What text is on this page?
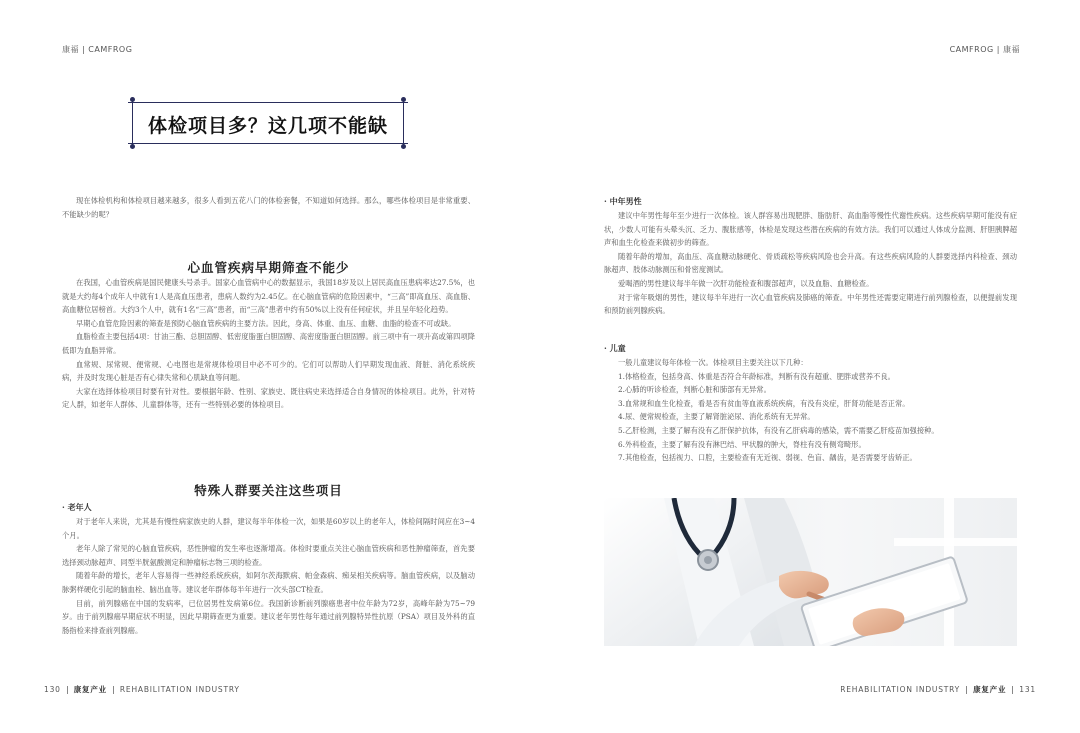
康福 | CAMFROG	CAMFROG | 康福
体检项目多？这几项不能缺
现在体检机构和体检项目越来越多，很多人看到五花八门的体检套餐，不知道如何选择。那么，哪些体检项目是非常重要、不能缺少的呢？
心血管疾病早期筛查不能少

在我国，心血管疾病是国民健康头号杀手。国家心血管病中心的数据显示，我国18岁及以上居民高血压患病率达27.5%，也就是大约每4个成年人中就有1人是高血压患者，患病人数约为2.45亿。在心脑血管病的危险因素中，“三高”即高血压、高血脂、高血糖位居榜首。大约3个人中，就有1名“三高”患者，而“三高”患者中约有50%以上没有任何症状，并且呈年轻化趋势。

早期心血管危险因素的筛查是预防心脑血管疾病的主要方法。因此，身高、体重、血压、血糖、血脂的检查不可或缺。

血脂检查主要包括4项：甘油三酯、总胆固醇、低密度脂蛋白胆固醇、高密度脂蛋白胆固醇。前三项中有一项升高或第四项降低即为血脂异常。

血常规、尿常规、便常规、心电图也是常规体检项目中必不可少的。它们可以帮助人们早期发现血液、肾脏、消化系统疾病，并及时发现心脏是否有心律失常和心肌缺血等问题。

大家在选择体检项目时要有针对性。要根据年龄、性别、家族史、既往病史来选择适合自身情况的体检项目。此外，针对特定人群，如老年人群体、儿童群体等，还有一些特别必要的体检项目。

特殊人群要关注这些项目
· 老年人

对于老年人来说，尤其是有慢性病家族史的人群，建议每半年体检一次，如果是60岁以上的老年人，体检间隔时间应在3~4个月。

老年人除了常见的心脑血管疾病，恶性肿瘤的发生率也逐渐增高。体检时要重点关注心脑血管疾病和恶性肿瘤筛查，首先要选择颈动脉超声、同型半胱氨酸测定和肿瘤标志物三项的检查。

随着年龄的增长，老年人容易得一些神经系统疾病，如阿尔茨海默病、帕金森病、痴呆相关疾病等。脑血管疾病，以及脑动脉粥样硬化引起的脑血栓、脑出血等。建议老年群体每半年进行一次头部CT检查。

目前，前列腺癌在中国的发病率，已位居男性发病第6位。我国新诊断前列腺癌患者中位年龄为72岁，高峰年龄为75~79岁。由于前列腺癌早期症状不明显，因此早期筛查更为重要。建议老年男性每年通过前列腺特异性抗原（PSA）项目及外科的直肠指检来排查前列腺癌。

· 中年男性

建议中年男性每年至少进行一次体检。该人群容易出现肥胖、脂肪肝、高血脂等慢性代谢性疾病。这些疾病早期可能没有症状，少数人可能有头晕头沉、乏力、腹胀感等，体检是发现这些潜在疾病的有效方法。我们可以通过人体成分监测、肝胆胰脾超声和血生化检查来做初步的筛查。

随着年龄的增加，高血压、高血糖动脉硬化、骨质疏松等疾病风险也会升高。有这些疾病风险的人群要选择内科检查、颈动脉超声、肢体动脉测压和骨密度测试。

爱喝酒的男性建议每半年做一次肝功能检查和腹部超声，以及血脂、血糖检查。

对于常年吸烟的男性，建议每半年进行一次心血管疾病及肺癌的筛查。中年男性还需要定期进行前列腺检查，以便提前发现和预防前列腺疾病。

· 儿童

一般儿童建议每年体检一次。体检项目主要关注以下几种：

1.体格检查，包括身高、体重是否符合年龄标准，判断有没有超重、肥胖或营养不良。

2.心肺的听诊检查，判断心脏和肺部有无异常。

3.血常规和血生化检查，看是否有贫血等血液系统疾病，有没有炎症，肝肾功能是否正常。

4.尿、便常规检查，主要了解肾脏泌尿、消化系统有无异常。

5.乙肝检测，主要了解有没有乙肝保护抗体，有没有乙肝病毒的感染，需不需要乙肝疫苗加强接种。

6.外科检查，主要了解有没有淋巴结、甲状腺的肿大，脊柱有没有侧弯畸形。

7.其他检查，包括视力、口腔，主要检查有无近视、弱视、色盲、龋齿，是否需要牙齿矫正。

130 康复产业 REHABILITATION INDUSTRY	REHABILITATION INDUSTRY 康复产业 131
